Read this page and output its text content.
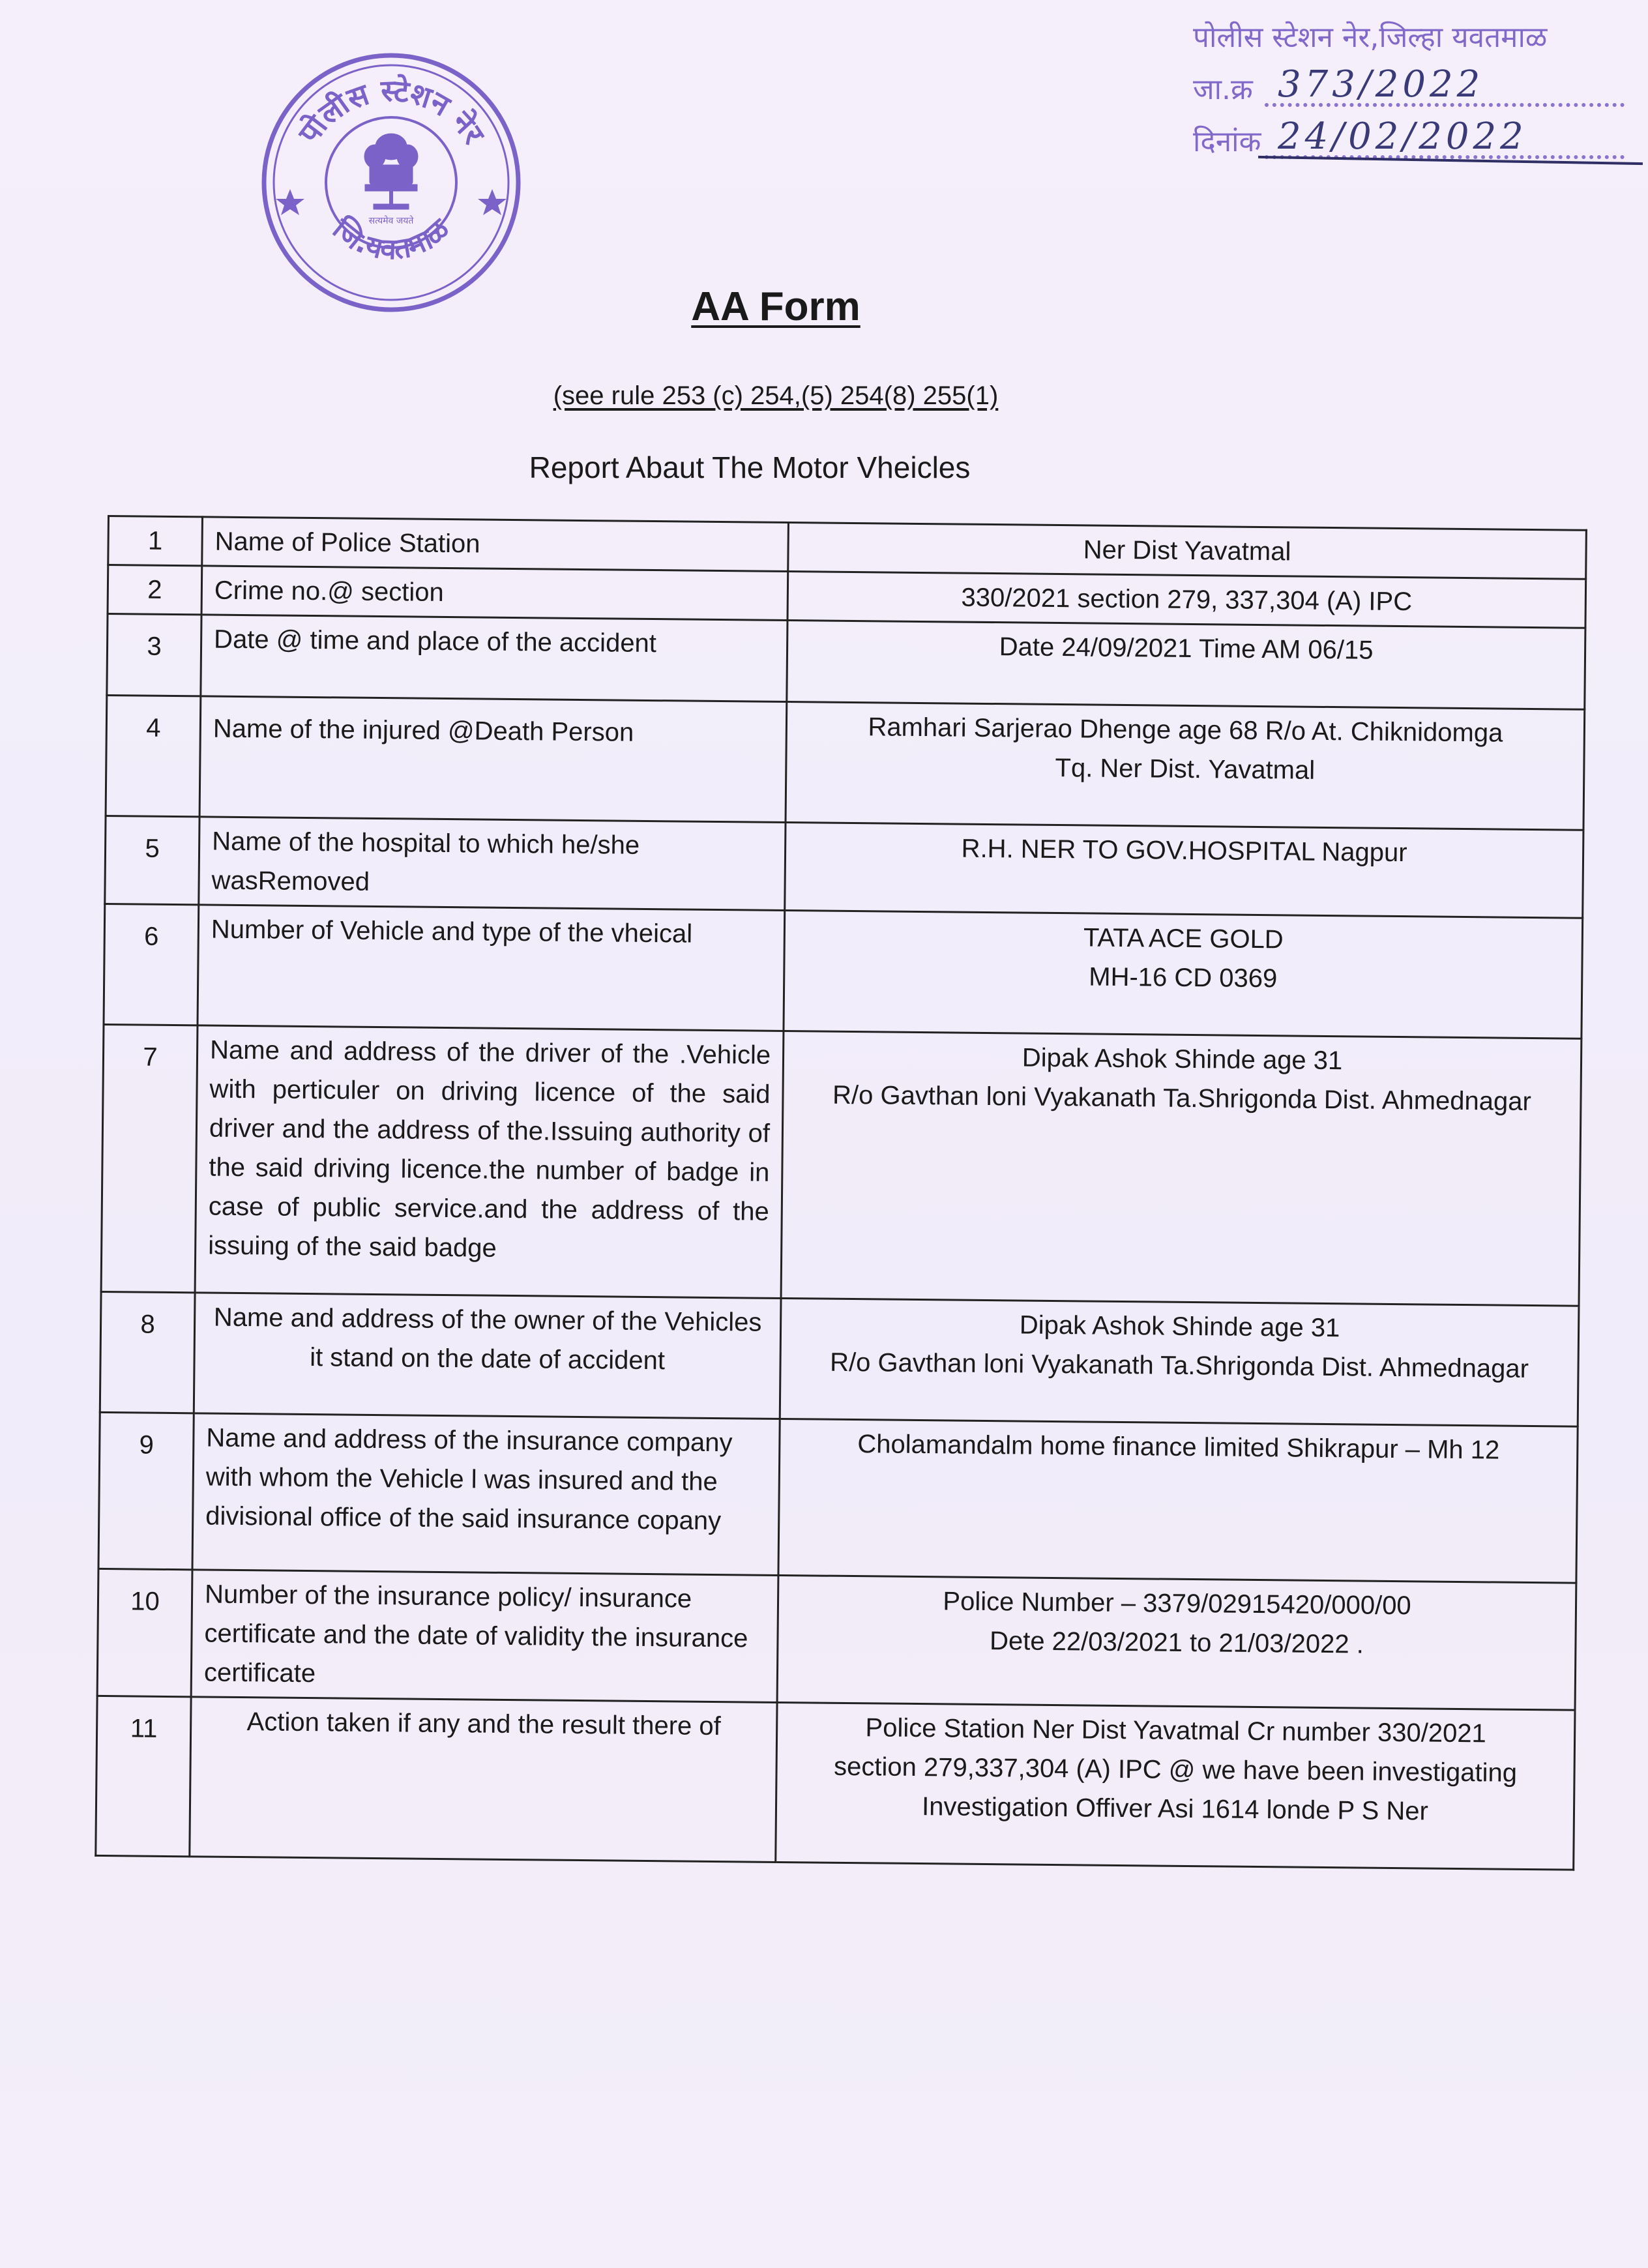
पोलीस स्टेशन नेर
जि.यवतमाळ
सत्यमेव जयते
पोलीस स्टेशन नेर,जिल्हा यवतमाळ
जा.क्र 373/2022
दिनांक 24/02/2022
AA Form
(see rule 253 (c) 254,(5) 254(8) 255(1)
Report Abaut The Motor Vheicles
1	Name of Police Station	Ner Dist Yavatmal

2	Crime no.@ section	330/2021 section 279, 337,304 (A) IPC

3	Date @ time and place of the accident	Date 24/09/2021 Time AM 06/15

4	Name of the injured @Death Person	Ramhari Sarjerao Dhenge age 68 R/o At. Chiknidomga
Tq. Ner Dist. Yavatmal

5	Name of the hospital to which he/she wasRemoved	R.H. NER TO GOV.HOSPITAL Nagpur

6	Number of Vehicle and type of the vheical	TATA ACE GOLD
MH-16 CD 0369

7	Name and address of the driver of the .Vehicle with perticuler on driving licence of the said driver and the address of the.Issuing authority of the said driving licence.the number of badge in case of public service.and the address of the issuing of the said badge	Dipak Ashok Shinde age 31
R/o Gavthan loni Vyakanath Ta.Shrigonda Dist. Ahmednagar

8	Name and address of the owner of the Vehicles it stand on the date of accident	Dipak Ashok Shinde age 31
R/o Gavthan loni Vyakanath Ta.Shrigonda Dist. Ahmednagar

9	Name and address of the insurance company with whom the Vehicle l was insured and the divisional office of the said insurance copany	Cholamandalm home finance limited Shikrapur – Mh 12

10	Number of the insurance policy/ insurance certificate and the date of validity the insurance certificate	Police Number – 3379/02915420/000/00
Dete 22/03/2021 to 21/03/2022 .

11	Action taken if any and the result there of	Police Station Ner Dist Yavatmal Cr number 330/2021
section 279,337,304 (A) IPC @ we have been investigating
Investigation Offiver Asi 1614 londe P S Ner
